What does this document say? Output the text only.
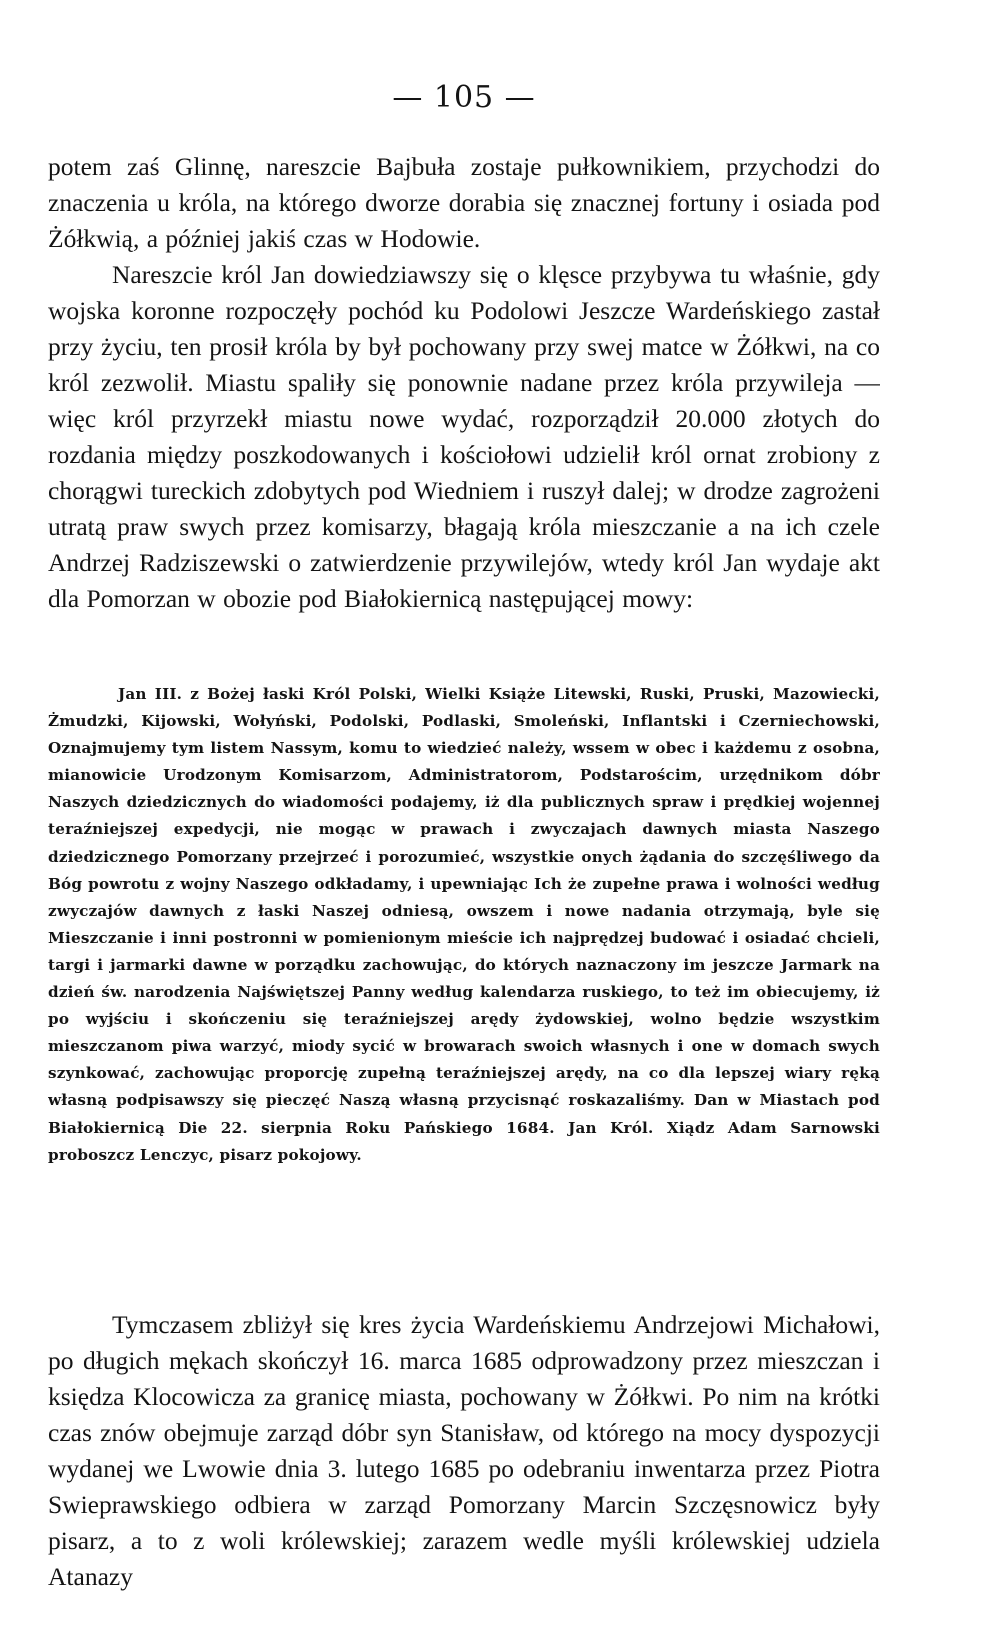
— 105 —

potem zaś Glinnę, nareszcie Bajbuła zostaje pułkownikiem, przychodzi do znaczenia u króla, na którego dworze dorabia się znacznej fortuny i osiada pod Żółkwią, a później jakiś czas w Hodowie.

Nareszcie król Jan dowiedziawszy się o klęsce przybywa tu właśnie, gdy wojska koronne rozpoczęły pochód ku Podolowi Jeszcze Wardeńskiego zastał przy życiu, ten prosił króla by był pochowany przy swej matce w Żółkwi, na co król zezwolił. Miastu spaliły się ponownie nadane przez króla przywileja — więc król przyrzekł miastu nowe wydać, rozporządził 20.000 złotych do rozdania między poszkodowanych i kościołowi udzielił król ornat zrobiony z chorągwi tureckich zdobytych pod Wiedniem i ruszył dalej; w drodze zagrożeni utratą praw swych przez komisarzy, błagają króla mieszczanie a na ich czele Andrzej Radziszewski o zatwierdzenie przywilejów, wtedy król Jan wydaje akt dla Pomorzan w obozie pod Białokiernicą następującej mowy:

Jan III. z Bożej łaski Król Polski, Wielki Książe Litewski, Ruski, Pruski, Mazowiecki, Żmudzki, Kijowski, Wołyński, Podolski, Podlaski, Smoleński, Inflantski i Czerniechowski, Oznajmujemy tym listem Nassym, komu to wiedzieć należy, wssem w obec i każdemu z osobna, mianowicie Urodzonym Komisarzom, Administratorom, Podstarościm, urzędnikom dóbr Naszych dziedzicznych do wiadomości podajemy, iż dla publicznych spraw i prędkiej wojennej teraźniejszej expedycji, nie mogąc w prawach i zwyczajach dawnych miasta Naszego dziedzicznego Pomorzany przejrzeć i porozumieć, wszystkie onych żądania do szczęśliwego da Bóg powrotu z wojny Naszego odkładamy, i upewniając Ich że zupełne prawa i wolności według zwyczajów dawnych z łaski Naszej odniesą, owszem i nowe nadania otrzymają, byle się Mieszczanie i inni postronni w pomienionym mieście ich najprędzej budować i osiadać chcieli, targi i jarmarki dawne w porządku zachowując, do których naznaczony im jeszcze Jarmark na dzień św. narodzenia Najświętszej Panny według kalendarza ruskiego, to też im obiecujemy, iż po wyjściu i skończeniu się teraźniejszej arędy żydowskiej, wolno będzie wszystkim mieszczanom piwa warzyć, miody sycić w browarach swoich własnych i one w domach swych szynkować, zachowując proporcję zupełną teraźniejszej arędy, na co dla lepszej wiary ręką własną podpisawszy się pieczęć Naszą własną przycisnąć roskazaliśmy. Dan w Miastach pod Białokiernicą Die 22. sierpnia Roku Pańskiego 1684. Jan Król. Xiądz Adam Sarnowski proboszcz Lenczyc, pisarz pokojowy.

Tymczasem zbliżył się kres życia Wardeńskiemu Andrzejowi Michałowi, po długich mękach skończył 16. marca 1685 odprowadzony przez mieszczan i księdza Klocowicza za granicę miasta, pochowany w Żółkwi. Po nim na krótki czas znów obejmuje zarząd dóbr syn Stanisław, od którego na mocy dyspozycji wydanej we Lwowie dnia 3. lutego 1685 po odebraniu inwentarza przez Piotra Swieprawskiego odbiera w zarząd Pomorzany Marcin Szczęsnowicz były pisarz, a to z woli królewskiej; zarazem wedle myśli królewskiej udziela Atanazy
